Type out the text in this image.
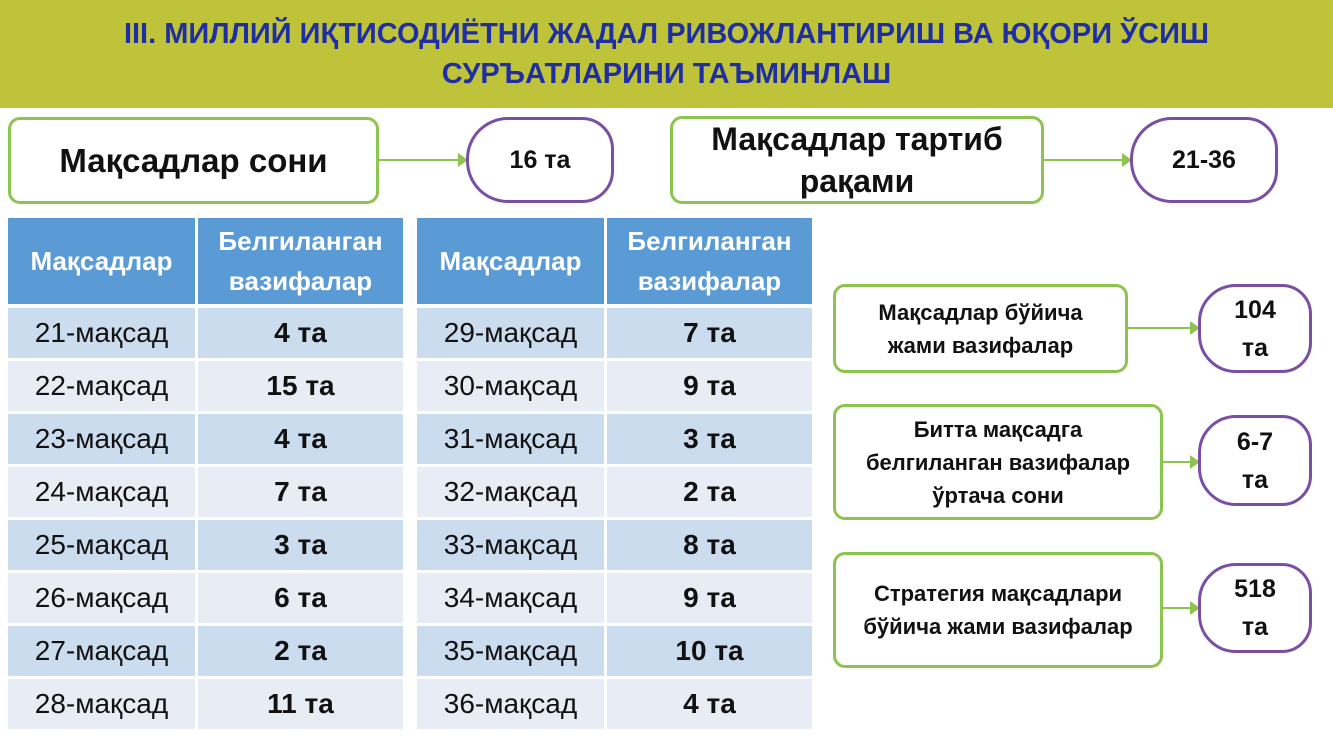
III. МИЛЛИЙ ИҚТИСОДИЁТНИ ЖАДАЛ РИВОЖЛАНТИРИШ ВА ЮҚОРИ ЎСИШ СУРЪАТЛАРИНИ ТАЪМИНЛАШ
Мақсадлар сони	16 та
Мақсадлар тартиб рақами
21-36
Мақсадлар	Белгиланган вазифалар
21-мақсад	4 та
22-мақсад	15 та
23-мақсад	4 та
24-мақсад	7 та
25-мақсад	3 та
26-мақсад	6 та
27-мақсад	2 та
28-мақсад	11 та
Мақсадлар	Белгиланган вазифалар
29-мақсад	7 та
30-мақсад	9 та
31-мақсад	3 та
32-мақсад	2 та
33-мақсад	8 та
34-мақсад	9 та
35-мақсад	10 та
36-мақсад	4 та
Мақсадлар бўйича жами вазифалар
104 та
Битта мақсадга белгиланган вазифалар ўртача сони
6-7 та
Стратегия мақсадлари бўйича жами вазифалар
518 та
